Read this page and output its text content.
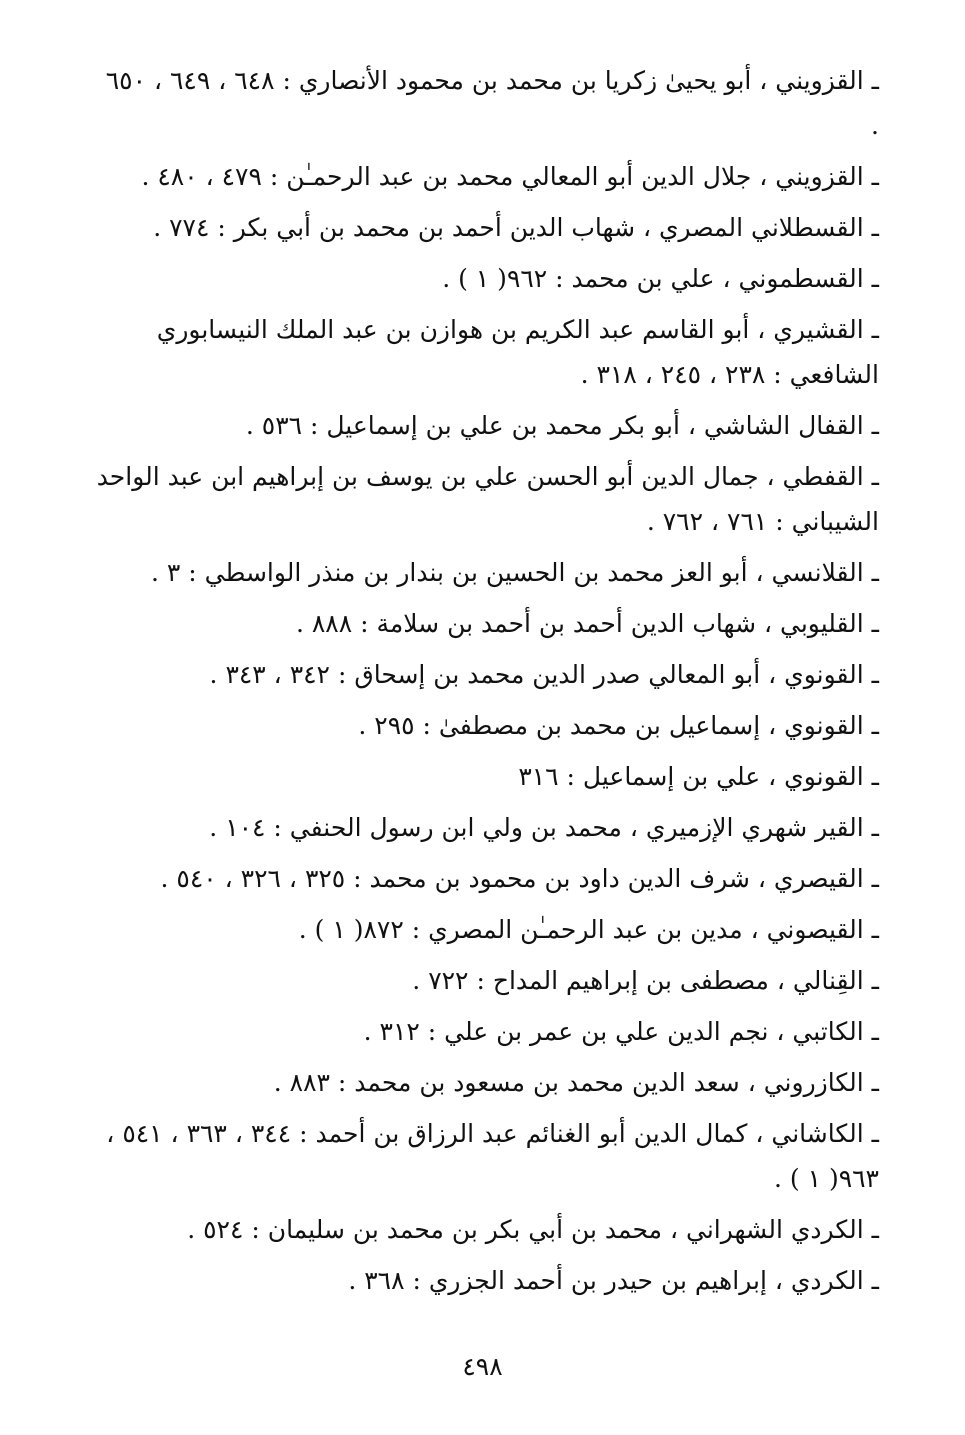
ـ القزويني ، أبو يحيىٰ زكريا بن محمد بن محمود الأنصاري : ٦٤٨ ، ٦٤٩ ، ٦٥٠ .
ـ القزويني ، جلال الدين أبو المعالي محمد بن عبد الرحمـٰن : ٤٧٩ ، ٤٨٠ .
ـ القسطلاني المصري ، شهاب الدين أحمد بن محمد بن أبي بكر : ٧٧٤ .
ـ القسطموني ، علي بن محمد : ٩٦٢( ١ ) .
ـ القشيري ، أبو القاسم عبد الكريم بن هوازن بن عبد الملك النيسابوري الشافعي : ٢٣٨ ، ٢٤٥ ، ٣١٨ .
ـ القفال الشاشي ، أبو بكر محمد بن علي بن إسماعيل : ٥٣٦ .
ـ القفطي ، جمال الدين أبو الحسن علي بن يوسف بن إبراهيم ابن عبد الواحد الشيباني : ٧٦١ ، ٧٦٢ .
ـ القلانسي ، أبو العز محمد بن الحسين بن بندار بن منذر الواسطي : ٣ .
ـ القليوبي ، شهاب الدين أحمد بن أحمد بن سلامة : ٨٨٨ .
ـ القونوي ، أبو المعالي صدر الدين محمد بن إسحاق : ٣٤٢ ، ٣٤٣ .
ـ القونوي ، إسماعيل بن محمد بن مصطفىٰ : ٢٩٥ .
ـ القونوي ، علي بن إسماعيل : ٣١٦
ـ القير شهري الإزميري ، محمد بن ولي ابن رسول الحنفي : ١٠٤ .
ـ القيصري ، شرف الدين داود بن محمود بن محمد : ٣٢٥ ، ٣٢٦ ، ٥٤٠ .
ـ القيصوني ، مدين بن عبد الرحمـٰن المصري : ٨٧٢( ١ ) .
ـ القِنالي ، مصطفى بن إبراهيم المداح : ٧٢٢ .
ـ الكاتبي ، نجم الدين علي بن عمر بن علي : ٣١٢ .
ـ الكازروني ، سعد الدين محمد بن مسعود بن محمد : ٨٨٣ .
ـ الكاشاني ، كمال الدين أبو الغنائم عبد الرزاق بن أحمد : ٣٤٤ ، ٣٦٣ ، ٥٤١ ، ٩٦٣( ١ ) .
ـ الكردي الشهراني ، محمد بن أبي بكر بن محمد بن سليمان : ٥٢٤ .
ـ الكردي ، إبراهيم بن حيدر بن أحمد الجزري : ٣٦٨ .
٤٩٨
